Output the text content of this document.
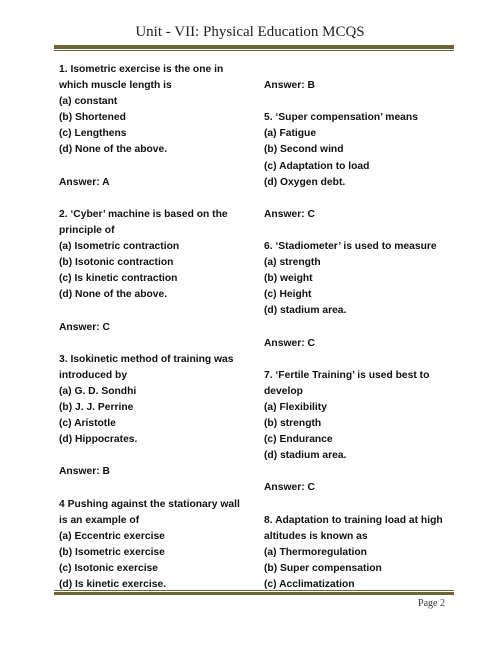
Unit - VII: Physical Education MCQS
1. Isometric exercise is the one in
which muscle length is
(a) constant
(b) Shortened
(c) Lengthens
(d) None of the above.
Answer: A
2. ‘Cyber’ machine is based on the
principle of
(a) Isometric contraction
(b) Isotonic contraction
(c) Is kinetic contraction
(d) None of the above.
Answer: C
3. Isokinetic method of training was
introduced by
(a) G. D. Sondhi
(b) J. J. Perrine
(c) Aristotle
(d) Hippocrates.
Answer: B
4 Pushing against the stationary wall
is an example of
(a) Eccentric exercise
(b) Isometric exercise
(c) Isotonic exercise
(d) Is kinetic exercise.
Answer: B
5. ‘Super compensation’ means
(a) Fatigue
(b) Second wind
(c) Adaptation to load
(d) Oxygen debt.
Answer: C
6. ‘Stadiometer’ is used to measure
(a) strength
(b) weight
(c) Height
(d) stadium area.
Answer: C
7. ‘Fertile Training’ is used best to
develop
(a) Flexibility
(b) strength
(c) Endurance
(d) stadium area.
Answer: C
8. Adaptation to training load at high
altitudes is known as
(a) Thermoregulation
(b) Super compensation
(c) Acclimatization
Page 2
